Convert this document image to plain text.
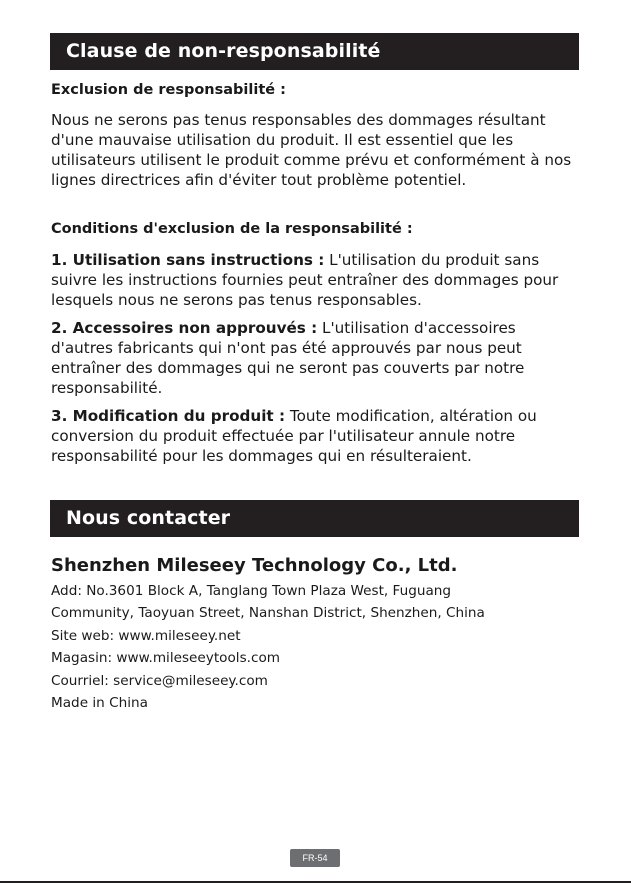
Clause de non-responsabilité
Exclusion de responsabilité :

Nous ne serons pas tenus responsables des dommages résultant d'une mauvaise utilisation du produit. Il est essentiel que les utilisateurs utilisent le produit comme prévu et conformément à nos lignes directrices afin d'éviter tout problème potentiel.

Conditions d'exclusion de la responsabilité :

1. Utilisation sans instructions : L'utilisation du produit sans suivre les instructions fournies peut entraîner des dommages pour lesquels nous ne serons pas tenus responsables.

2. Accessoires non approuvés : L'utilisation d'accessoires d'autres fabricants qui n'ont pas été approuvés par nous peut entraîner des dommages qui ne seront pas couverts par notre responsabilité.

3. Modification du produit : Toute modification, altération ou conversion du produit effectuée par l'utilisateur annule notre responsabilité pour les dommages qui en résulteraient.

Nous contacter
Shenzhen Mileseey Technology Co., Ltd.
Add: No.3601 Block A, Tanglang Town Plaza West, Fuguang
Community, Taoyuan Street, Nanshan District, Shenzhen, China
Site web: www.mileseey.net
Magasin: www.mileseeytools.com
Courriel: service@mileseey.com
Made in China
FR-54
